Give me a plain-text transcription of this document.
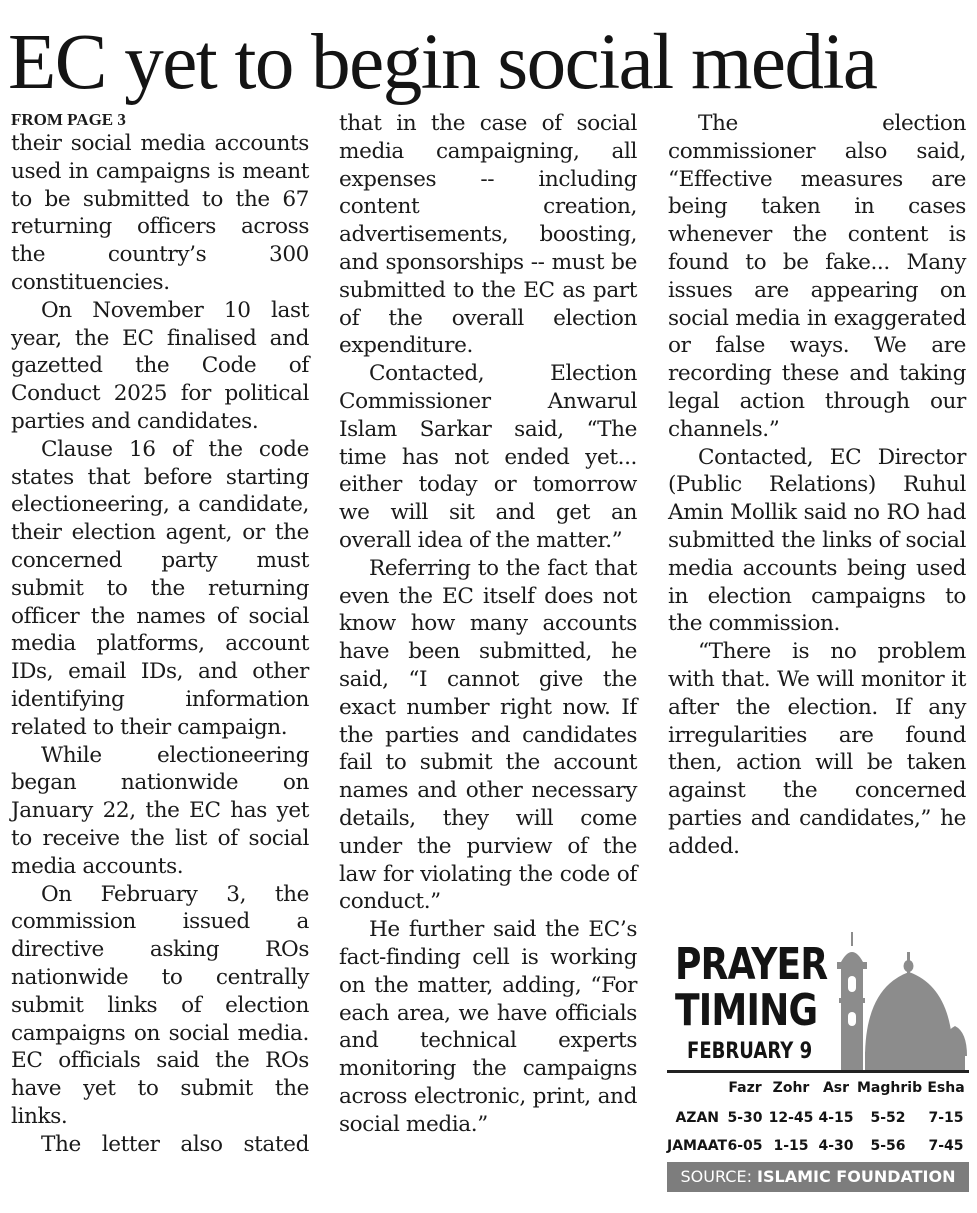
EC yet to begin social media
FROM PAGE 3

their social media accounts used in campaigns is meant to be submitted to the 67 returning officers across the country’s 300 constituencies.

On November 10 last year, the EC finalised and gazetted the Code of Conduct 2025 for political parties and candidates.

Clause 16 of the code states that before starting electioneering, a candidate, their election agent, or the concerned party must submit to the returning officer the names of social media platforms, account IDs, email IDs, and other identifying information related to their campaign.

While electioneering began nationwide on January 22, the EC has yet to receive the list of social media accounts.

On February 3, the commission issued a directive asking ROs nationwide to centrally submit links of election campaigns on social media. EC officials said the ROs have yet to submit the links.

The letter also stated

that in the case of social media campaigning, all expenses -- including content creation, advertisements, boosting, and sponsorships -- must be submitted to the EC as part of the overall election expenditure.

Contacted, Election Commissioner Anwarul Islam Sarkar said, “The time has not ended yet... either today or tomorrow we will sit and get an overall idea of the matter.”

Referring to the fact that even the EC itself does not know how many accounts have been submitted, he said, “I cannot give the exact number right now. If the parties and candidates fail to submit the account names and other necessary details, they will come under the purview of the law for violating the code of conduct.”

He further said the EC’s fact-finding cell is working on the matter, adding, “For each area, we have officials and technical experts monitoring the campaigns across electronic, print, and social media.”

The election commissioner also said, “Effective measures are being taken in cases whenever the content is found to be fake... Many issues are appearing on social media in exaggerated or false ways. We are recording these and taking legal action through our channels.”

Contacted, EC Director (Public Relations) Ruhul Amin Mollik said no RO had submitted the links of social media accounts being used in election campaigns to the commission.

“There is no problem with that. We will monitor it after the election. If any irregularities are found then, action will be taken against the concerned parties and candidates,” he added.

PRAYER
TIMING
FEBRUARY 9
Fazr Zohr Asr Maghrib Esha
AZAN 5-30 12-45 4-15	5-52	7-15
JAMAAT 6-05 1-15 4-30	5-56	7-45
SOURCE: ISLAMIC FOUNDATION
